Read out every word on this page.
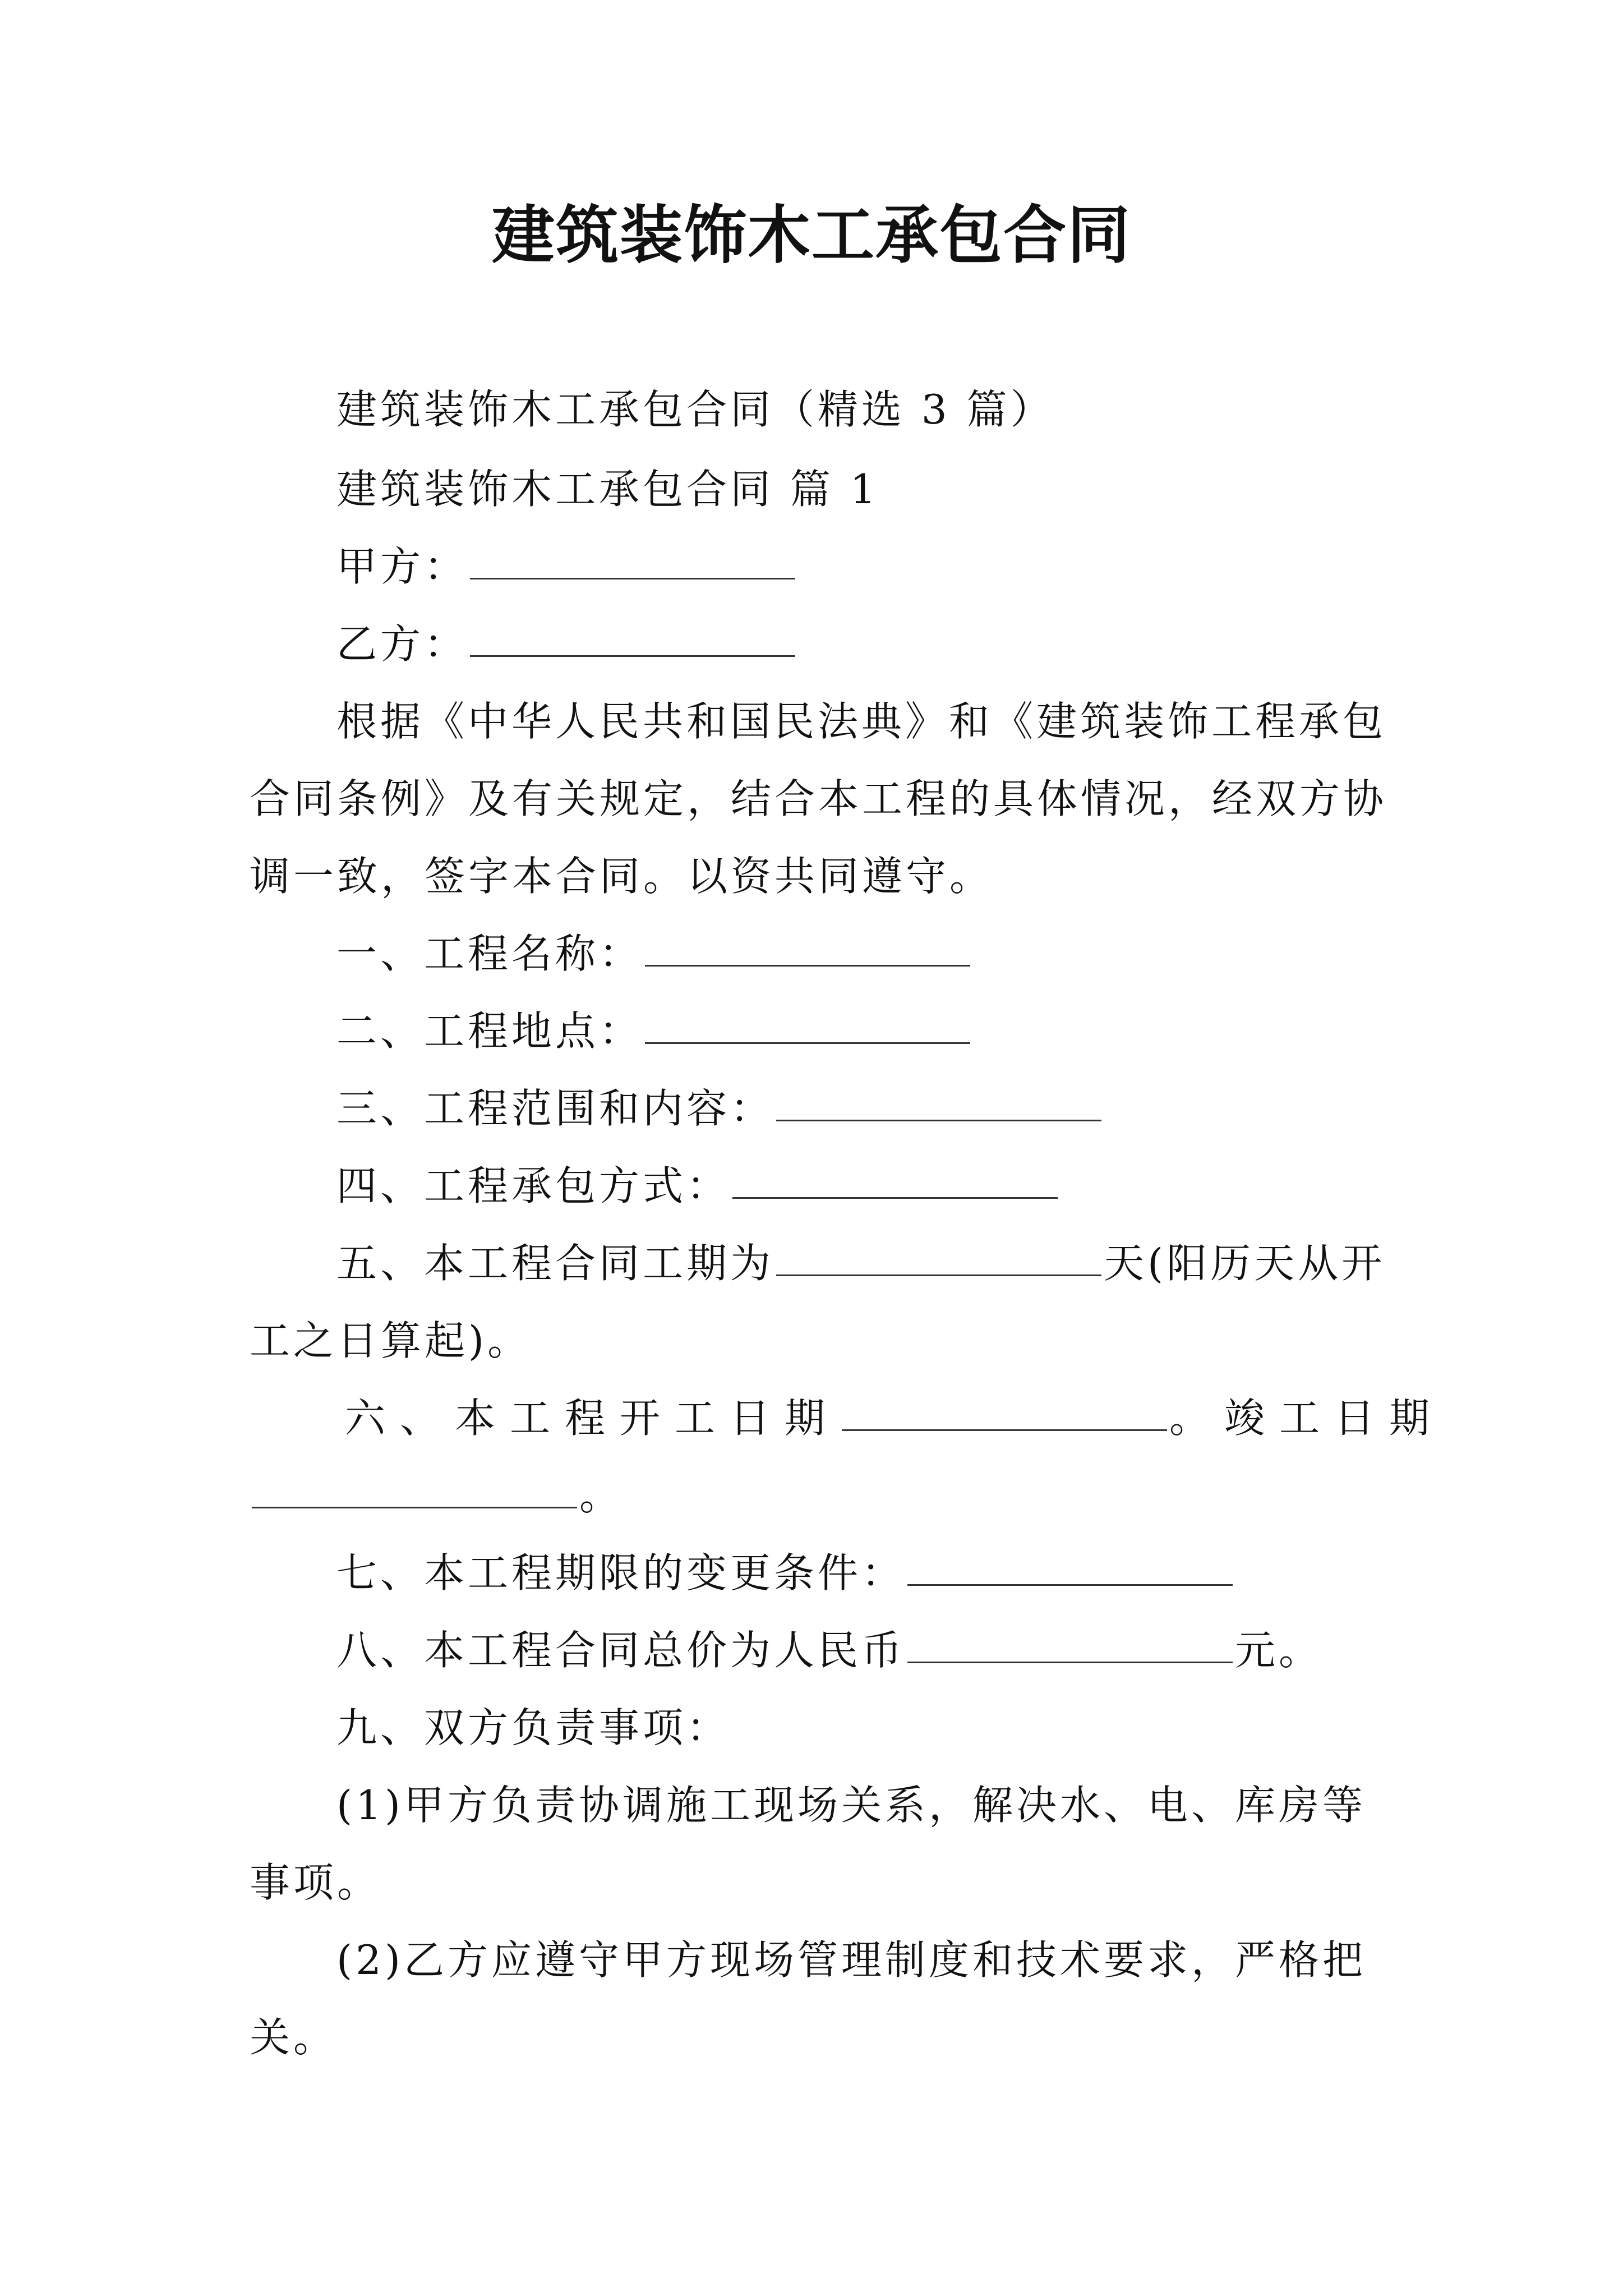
建筑装饰木工承包合同
建筑装饰木工承包合同（精选 3 篇）
建筑装饰木工承包合同 篇 1
甲方：
乙方：
根据《中华人民共和国民法典》和《建筑装饰工程承包
合同条例》及有关规定，结合本工程的具体情况，经双方协
调一致，签字本合同。以资共同遵守。
一、工程名称：
二、工程地点：
三、工程范围和内容：
四、工程承包方式：
五、本工程合同工期为	天(阳历天从开
工之日算起)。
六、本工程开工日期	。竣工日期
。
七、本工程期限的变更条件：
八、本工程合同总价为人民币	元。
九、双方负责事项：
(1)甲方负责协调施工现场关系，解决水、电、库房等
事项。
(2)乙方应遵守甲方现场管理制度和技术要求，严格把
关。
